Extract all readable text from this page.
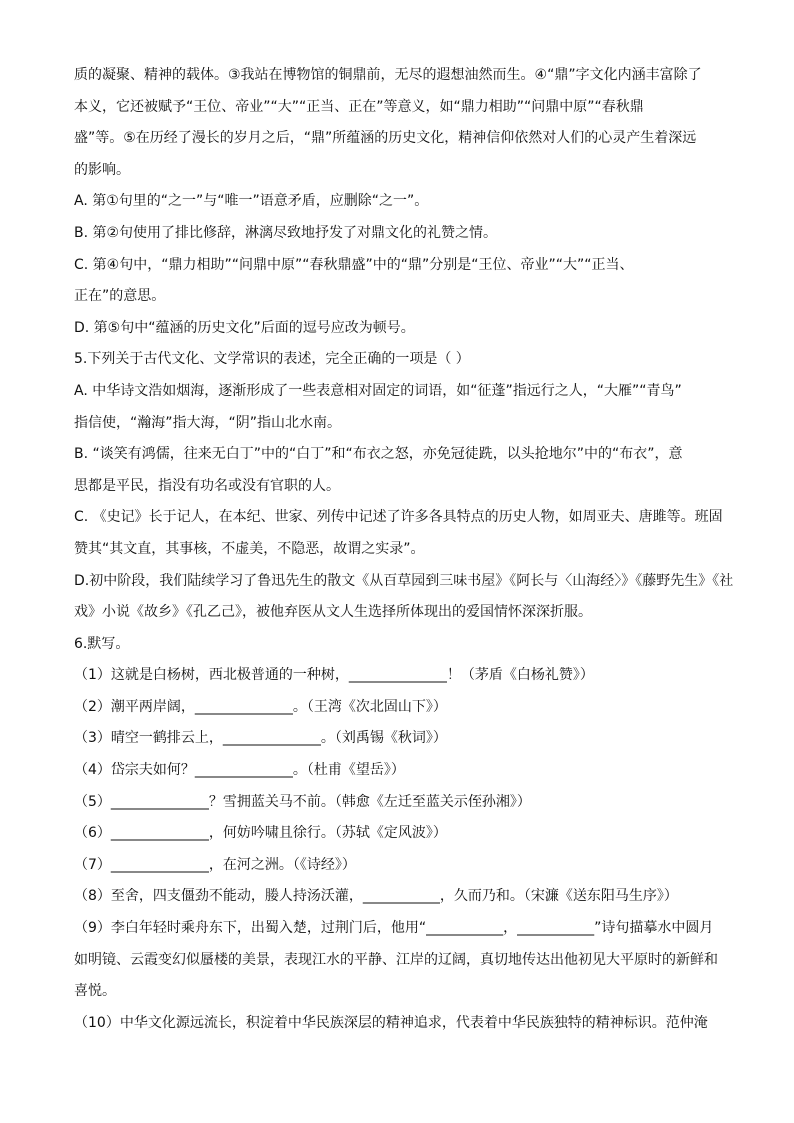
质的凝聚、精神的载体。③我站在博物馆的铜鼎前，无尽的遐想油然而生。④“鼎”字文化内涵丰富除了
本义，它还被赋予“王位、帝业”“大”“正当、正在”等意义，如“鼎力相助”“问鼎中原”“春秋鼎
盛”等。⑤在历经了漫长的岁月之后，“鼎”所蕴涵的历史文化，精神信仰依然对人们的心灵产生着深远
的影响。
A. 第①句里的“之一”与“唯一”语意矛盾，应删除“之一”。
B. 第②句使用了排比修辞，淋漓尽致地抒发了对鼎文化的礼赞之情。
C. 第④句中，“鼎力相助”“问鼎中原”“春秋鼎盛”中的“鼎”分别是“王位、帝业”“大”“正当、
正在”的意思。
D. 第⑤句中“蕴涵的历史文化”后面的逗号应改为顿号。
5.下列关于古代文化、文学常识的表述，完全正确的一项是（ ）
A. 中华诗文浩如烟海，逐渐形成了一些表意相对固定的词语，如“征蓬”指远行之人，“大雁”“青鸟”
指信使，“瀚海”指大海，“阴”指山北水南。
B. “谈笑有鸿儒，往来无白丁”中的“白丁”和“布衣之怒，亦免冠徒跣，以头抢地尔”中的“布衣”，意
思都是平民，指没有功名或没有官职的人。
C. 《史记》长于记人，在本纪、世家、列传中记述了许多各具特点的历史人物，如周亚夫、唐雎等。班固
赞其“其文直，其事核，不虚美，不隐恶，故谓之实录”。
D.初中阶段，我们陆续学习了鲁迅先生的散文《从百草园到三味书屋》《阿长与〈山海经〉》《藤野先生》《社
戏》小说《故乡》《孔乙己》，被他弃医从文人生选择所体现出的爱国情怀深深折服。
6.默写。
（1）这就是白杨树，西北极普通的一种树，______________！（茅盾《白杨礼赞》）
（2）潮平两岸阔，______________。（王湾《次北固山下》）
（3）晴空一鹤排云上，______________。（刘禹锡《秋词》）
（4）岱宗夫如何？______________。（杜甫《望岳》）
（5）______________？雪拥蓝关马不前。（韩愈《左迁至蓝关示侄孙湘》）
（6）______________，何妨吟啸且徐行。（苏轼《定风波》）
（7）______________，在河之洲。（《诗经》）
（8）至舍，四支僵劲不能动，媵人持汤沃灌，___________，久而乃和。（宋濂《送东阳马生序》）
（9）李白年轻时乘舟东下，出蜀入楚，过荆门后，他用“___________，___________”诗句描摹水中圆月
如明镜、云霞变幻似蜃楼的美景，表现江水的平静、江岸的辽阔，真切地传达出他初见大平原时的新鲜和
喜悦。
（10）中华文化源远流长，积淀着中华民族深层的精神追求，代表着中华民族独特的精神标识。范仲淹
